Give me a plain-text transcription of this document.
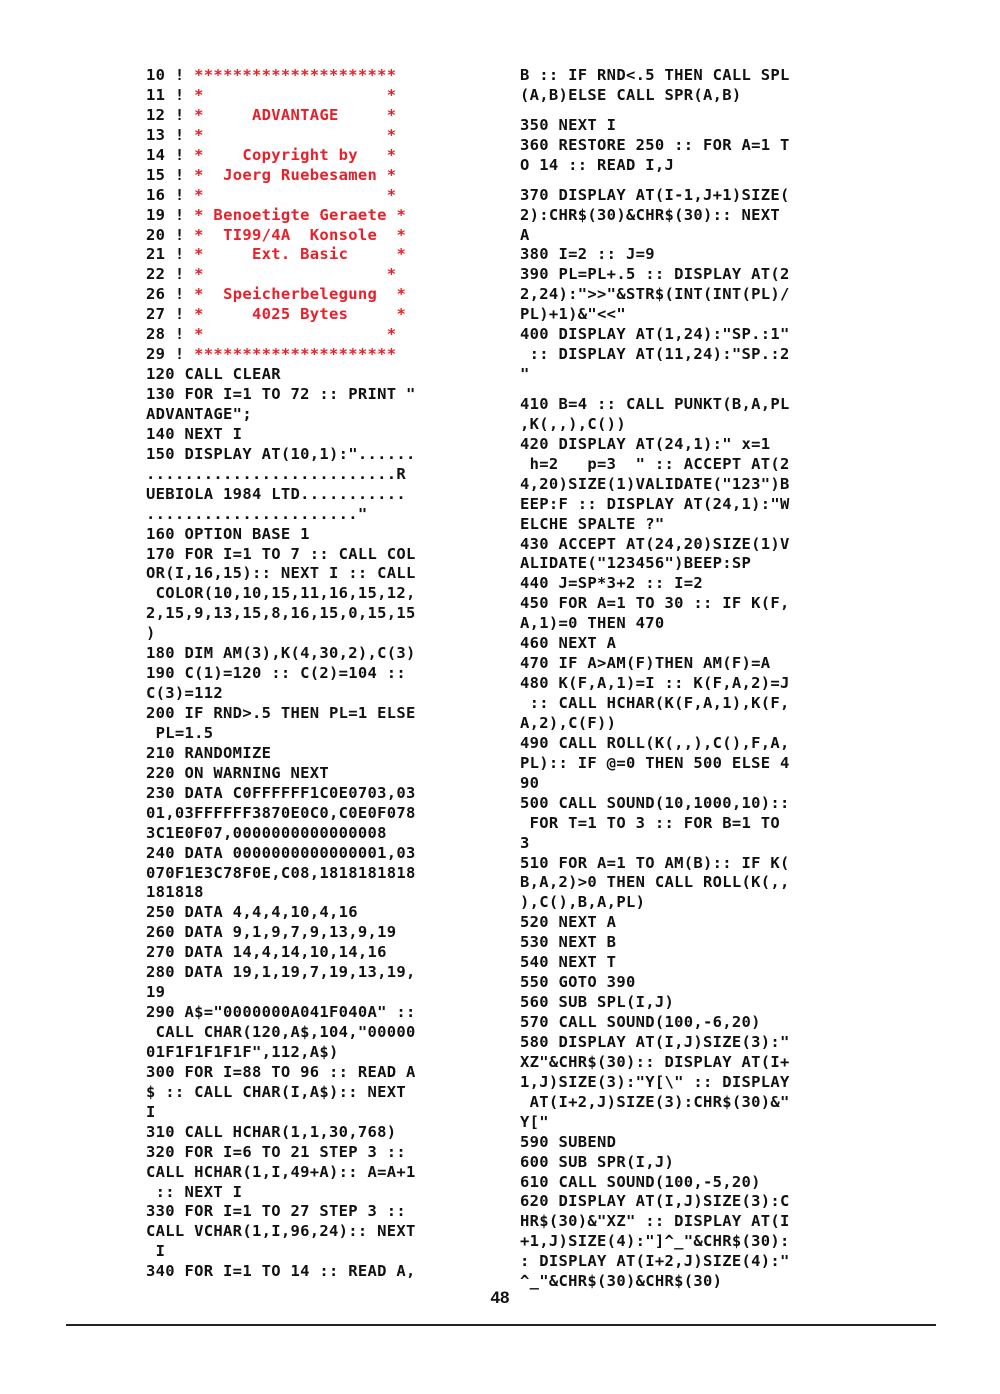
10 ! *********************
11 ! *                   *
12 ! *     ADVANTAGE     *
13 ! *                   *
14 ! *    Copyright by   *
15 ! *  Joerg Ruebesamen *
16 ! *                   *
19 ! * Benoetigte Geraete *
20 ! *  TI99/4A  Konsole  *
21 ! *     Ext. Basic     *
22 ! *                   *
26 ! *  Speicherbelegung  *
27 ! *     4025 Bytes     *
28 ! *                   *
29 ! *********************
120 CALL CLEAR
130 FOR I=1 TO 72 :: PRINT "
ADVANTAGE";
140 NEXT I
150 DISPLAY AT(10,1):"......
..........................R
UEBIOLA 1984 LTD...........
......................"
160 OPTION BASE 1
170 FOR I=1 TO 7 :: CALL COL
OR(I,16,15):: NEXT I :: CALL
COLOR(10,10,15,11,16,15,12,
2,15,9,13,15,8,16,15,0,15,15
)
180 DIM AM(3),K(4,30,2),C(3)
190 C(1)=120 :: C(2)=104 ::
C(3)=112
200 IF RND>.5 THEN PL=1 ELSE
PL=1.5
210 RANDOMIZE
220 ON WARNING NEXT
230 DATA C0FFFFFF1C0E0703,03
01,03FFFFFF3870E0C0,C0E0F078
3C1E0F07,0000000000000008
240 DATA 0000000000000001,03
070F1E3C78F0E,C08,1818181818
181818
250 DATA 4,4,4,10,4,16
260 DATA 9,1,9,7,9,13,9,19
270 DATA 14,4,14,10,14,16
280 DATA 19,1,19,7,19,13,19,
19
290 A$="0000000A041F040A" ::
CALL CHAR(120,A$,104,"00000
01F1F1F1F1F",112,A$)
300 FOR I=88 TO 96 :: READ A
$ :: CALL CHAR(I,A$):: NEXT
I
310 CALL HCHAR(1,1,30,768)
320 FOR I=6 TO 21 STEP 3 ::
CALL HCHAR(1,I,49+A):: A=A+1
:: NEXT I
330 FOR I=1 TO 27 STEP 3 ::
CALL VCHAR(1,I,96,24):: NEXT
I
340 FOR I=1 TO 14 :: READ A,
B :: IF RND<.5 THEN CALL SPL
(A,B)ELSE CALL SPR(A,B)
350 NEXT I
360 RESTORE 250 :: FOR A=1 T
O 14 :: READ I,J
370 DISPLAY AT(I-1,J+1)SIZE(
2):CHR$(30)&CHR$(30):: NEXT
A
380 I=2 :: J=9
390 PL=PL+.5 :: DISPLAY AT(2
2,24):">>"&STR$(INT(INT(PL)/
PL)+1)&"<<"
400 DISPLAY AT(1,24):"SP.:1"
:: DISPLAY AT(11,24):"SP.:2
"
410 B=4 :: CALL PUNKT(B,A,PL
,K(,,),C())
420 DISPLAY AT(24,1):" x=1
h=2   p=3  " :: ACCEPT AT(2
4,20)SIZE(1)VALIDATE("123")B
EEP:F :: DISPLAY AT(24,1):"W
ELCHE SPALTE ?"
430 ACCEPT AT(24,20)SIZE(1)V
ALIDATE("123456")BEEP:SP
440 J=SP*3+2 :: I=2
450 FOR A=1 TO 30 :: IF K(F,
A,1)=0 THEN 470
460 NEXT A
470 IF A>AM(F)THEN AM(F)=A
480 K(F,A,1)=I :: K(F,A,2)=J
:: CALL HCHAR(K(F,A,1),K(F,
A,2),C(F))
490 CALL ROLL(K(,,),C(),F,A,
PL):: IF @=0 THEN 500 ELSE 4
90
500 CALL SOUND(10,1000,10)::
FOR T=1 TO 3 :: FOR B=1 TO
3
510 FOR A=1 TO AM(B):: IF K(
B,A,2)>0 THEN CALL ROLL(K(,,
),C(),B,A,PL)
520 NEXT A
530 NEXT B
540 NEXT T
550 GOTO 390
560 SUB SPL(I,J)
570 CALL SOUND(100,-6,20)
580 DISPLAY AT(I,J)SIZE(3):"
XZ"&CHR$(30):: DISPLAY AT(I+
1,J)SIZE(3):"Y[\" :: DISPLAY
AT(I+2,J)SIZE(3):CHR$(30)&"
Y["
590 SUBEND
600 SUB SPR(I,J)
610 CALL SOUND(100,-5,20)
620 DISPLAY AT(I,J)SIZE(3):C
HR$(30)&"XZ" :: DISPLAY AT(I
+1,J)SIZE(4):"]^_"&CHR$(30):
: DISPLAY AT(I+2,J)SIZE(4):"
^_"&CHR$(30)&CHR$(30)
48
